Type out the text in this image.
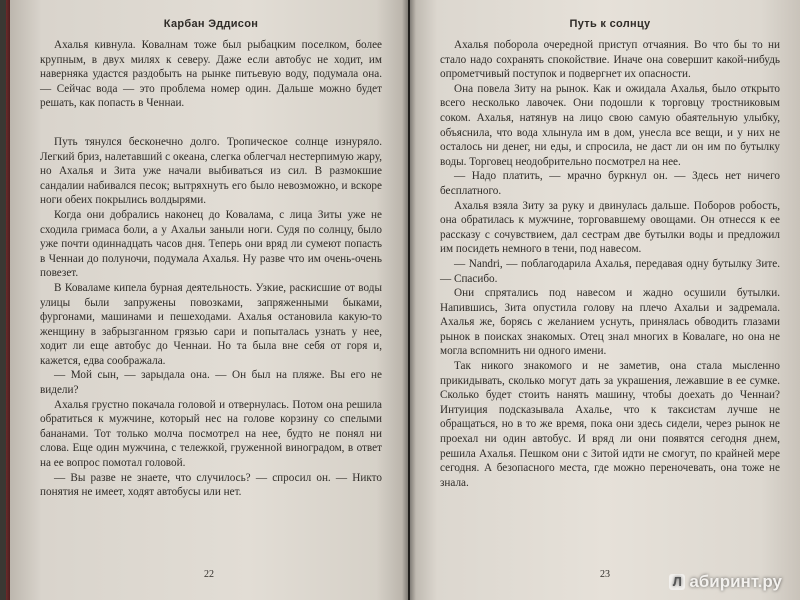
Карбан Эддисон

Ахалья кивнула. Ковалнам тоже был рыбацким поселком, более крупным, в двух милях к северу. Даже если автобус не ходит, им наверняка удастся раздобыть на рынке питьевую воду, подумала она. — Сейчас вода — это проблема номер один. Дальше можно будет решать, как попасть в Ченнаи.

Путь тянулся бесконечно долго. Тропическое солнце изнуряло. Легкий бриз, налетавший с океана, слегка облегчал нестерпимую жару, но Ахалья и Зита уже начали выбиваться из сил. В размокшие сандалии набивался песок; вытряхнуть его было невозможно, и вскоре ноги обеих покрылись волдырями.

Когда они добрались наконец до Ковалама, с лица Зиты уже не сходила гримаса боли, а у Ахальи заныли ноги. Судя по солнцу, было уже почти одиннадцать часов дня. Теперь они вряд ли сумеют попасть в Ченнаи до полуночи, подумала Ахалья. Ну разве что им очень-очень повезет.

В Коваламе кипела бурная деятельность. Узкие, раскисшие от воды улицы были запружены повозками, запряженными быками, фургонами, машинами и пешеходами. Ахалья остановила какую-то женщину в забрызганном грязью сари и попыталась узнать у нее, ходит ли еще автобус до Ченнаи. Но та была вне себя от горя и, кажется, едва соображала.

— Мой сын, — зарыдала она. — Он был на пляже. Вы его не видели?

Ахалья грустно покачала головой и отвернулась. Потом она решила обратиться к мужчине, который нес на голове корзину со спелыми бананами. Тот только молча посмотрел на нее, будто не понял ни слова. Еще один мужчина, с тележкой, груженной виноградом, в ответ на ее вопрос помотал головой.

— Вы разве не знаете, что случилось? — спросил он. — Никто понятия не имеет, ходят автобусы или нет.

22
Путь к солнцу

Ахалья поборола очередной приступ отчаяния. Во что бы то ни стало надо сохранять спокойствие. Иначе она совершит какой-нибудь опрометчивый поступок и подвергнет их опасности.

Она повела Зиту на рынок. Как и ожидала Ахалья, было открыто всего несколько лавочек. Они подошли к торговцу тростниковым соком. Ахалья, натянув на лицо свою самую обаятельную улыбку, объяснила, что вода хлынула им в дом, унесла все вещи, и у них не осталось ни денег, ни еды, и спросила, не даст ли он им по бутылку воды. Торговец неодобрительно посмотрел на нее.

— Надо платить, — мрачно буркнул он. — Здесь нет ничего бесплатного.

Ахалья взяла Зиту за руку и двинулась дальше. Поборов робость, она обратилась к мужчине, торговавшему овощами. Он отнесся к ее рассказу с сочувствием, дал сестрам две бутылки воды и предложил им посидеть немного в тени, под навесом.

— Nandri, — поблагодарила Ахалья, передавая одну бутылку Зите. — Спасибо.

Они спрятались под навесом и жадно осушили бутылки. Напившись, Зита опустила голову на плечо Ахальи и задремала. Ахалья же, борясь с желанием уснуть, принялась обводить глазами рынок в поисках знакомых. Отец знал многих в Ковалаге, но она не могла вспомнить ни одного имени.

Так никого знакомого и не заметив, она стала мысленно прикидывать, сколько могут дать за украшения, лежавшие в ее сумке. Сколько будет стоить нанять машину, чтобы доехать до Ченнаи? Интуиция подсказывала Ахалье, что к таксистам лучше не обращаться, но в то же время, пока они здесь сидели, через рынок не проехал ни один автобус. И вряд ли они появятся сегодня днем, решила Ахалья. Пешком они с Зитой идти не смогут, по крайней мере сегодня. А безопасного места, где можно переночевать, она тоже не знала.

23	Л абиринт.ру
